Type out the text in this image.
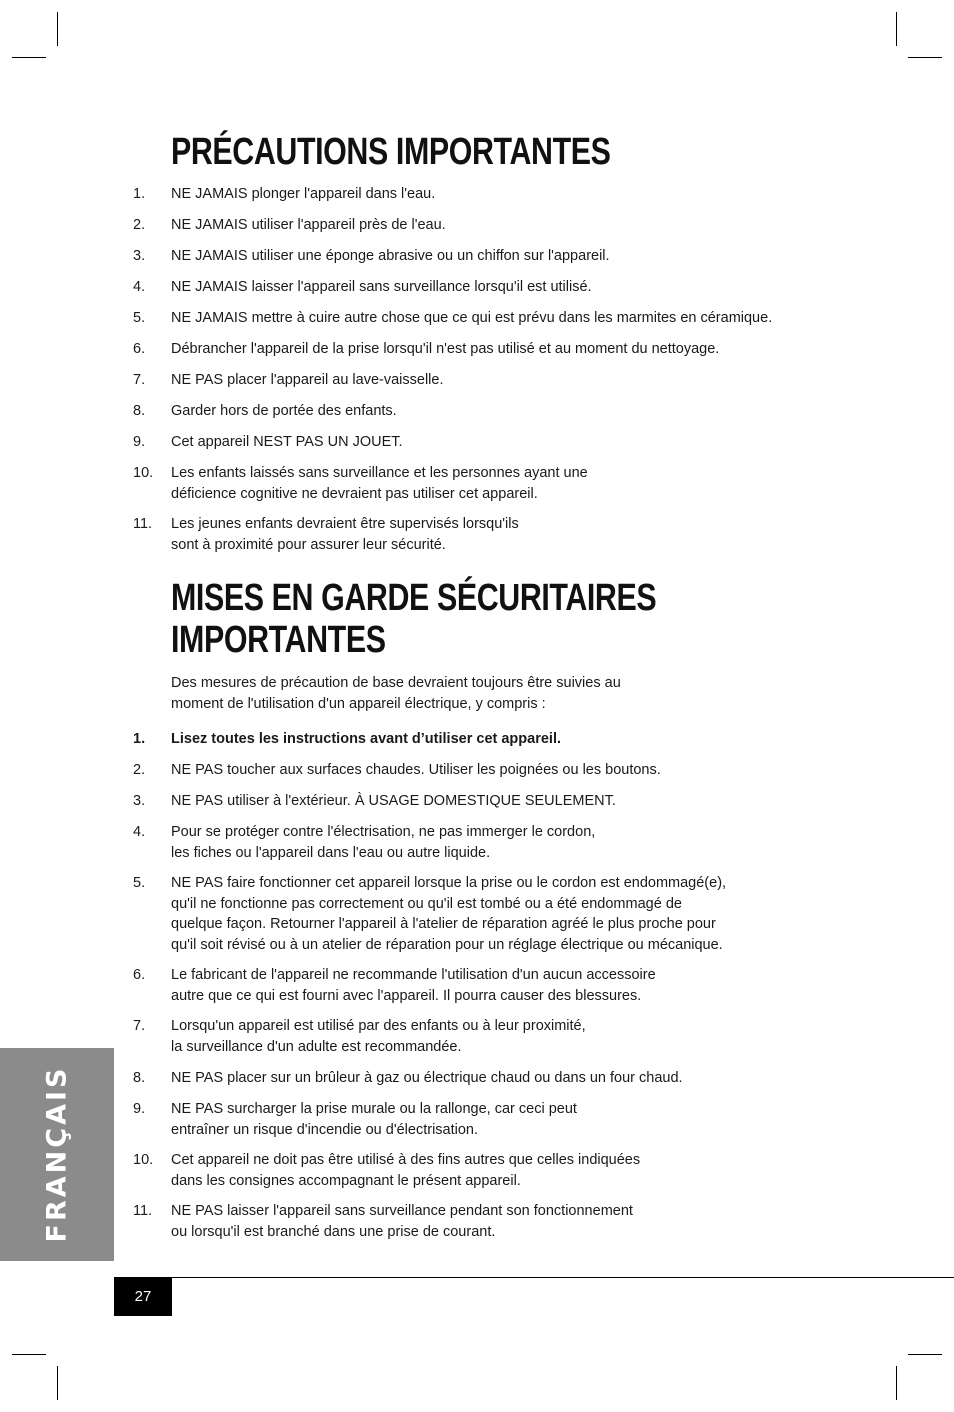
PRÉCAUTIONS IMPORTANTES
1. NE JAMAIS plonger l'appareil dans l'eau.
2. NE JAMAIS utiliser l'appareil près de l'eau.
3. NE JAMAIS utiliser une éponge abrasive ou un chiffon sur l'appareil.
4. NE JAMAIS laisser l'appareil sans surveillance lorsqu'il est utilisé.
5. NE JAMAIS mettre à cuire autre chose que ce qui est prévu dans les marmites en céramique.
6. Débrancher l'appareil de la prise lorsqu'il n'est pas utilisé et au moment du nettoyage.
7. NE PAS placer l'appareil au lave-vaisselle.
8. Garder hors de portée des enfants.
9. Cet appareil NEST PAS UN JOUET.
10. Les enfants laissés sans surveillance et les personnes ayant une
déficience cognitive ne devraient pas utiliser cet appareil.
11. Les jeunes enfants devraient être supervisés lorsqu'ils
sont à proximité pour assurer leur sécurité.
MISES EN GARDE SÉCURITAIRES
IMPORTANTES
Des mesures de précaution de base devraient toujours être suivies au
moment de l'utilisation d'un appareil électrique, y compris :
1. Lisez toutes les instructions avant d’utiliser cet appareil.
2. NE PAS toucher aux surfaces chaudes. Utiliser les poignées ou les boutons.
3. NE PAS utiliser à l'extérieur. À USAGE DOMESTIQUE SEULEMENT.
4. Pour se protéger contre l'électrisation, ne pas immerger le cordon,
les fiches ou l'appareil dans l'eau ou autre liquide.
5. NE PAS faire fonctionner cet appareil lorsque la prise ou le cordon est endommagé(e),
qu'il ne fonctionne pas correctement ou qu'il est tombé ou a été endommagé de
quelque façon. Retourner l'appareil à l'atelier de réparation agréé le plus proche pour
qu'il soit révisé ou à un atelier de réparation pour un réglage électrique ou mécanique.
6. Le fabricant de l'appareil ne recommande l'utilisation d'un aucun accessoire
autre que ce qui est fourni avec l'appareil. Il pourra causer des blessures.
7. Lorsqu'un appareil est utilisé par des enfants ou à leur proximité,
la surveillance d'un adulte est recommandée.
8. NE PAS placer sur un brûleur à gaz ou électrique chaud ou dans un four chaud.
9. NE PAS surcharger la prise murale ou la rallonge, car ceci peut
entraîner un risque d'incendie ou d'électrisation.
10. Cet appareil ne doit pas être utilisé à des fins autres que celles indiquées
dans les consignes accompagnant le présent appareil.
11. NE PAS laisser l'appareil sans surveillance pendant son fonctionnement
ou lorsqu'il est branché dans une prise de courant.
FRANÇAIS
27
